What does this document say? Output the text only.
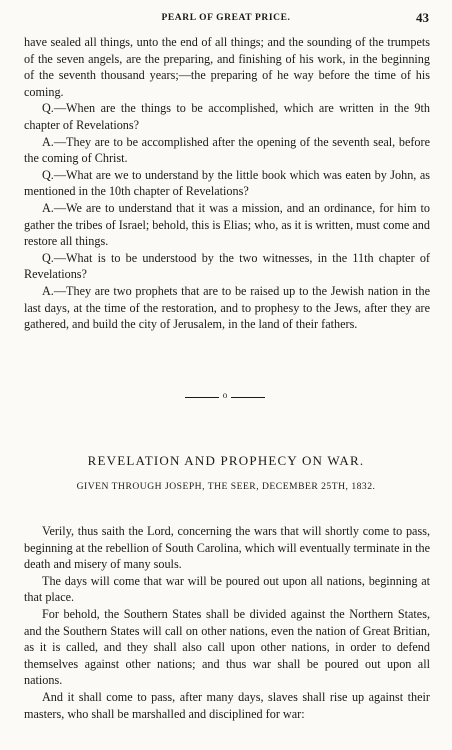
PEARL OF GREAT PRICE.	43

have sealed all things, unto the end of all things; and the sounding of the trumpets of the seven angels, are the preparing, and finishing of his work, in the beginning of the seventh thousand years;—the preparing of he way before the time of his coming.

Q.—When are the things to be accomplished, which are written in the 9th chapter of Revelations?

A.—They are to be accomplished after the opening of the seventh seal, before the coming of Christ.

Q.—What are we to understand by the little book which was eaten by John, as mentioned in the 10th chapter of Revelations?

A.—We are to understand that it was a mission, and an ordinance, for him to gather the tribes of Israel; behold, this is Elias; who, as it is written, must come and restore all things.

Q.—What is to be understood by the two witnesses, in the 11th chapter of Revelations?

A.—They are two prophets that are to be raised up to the Jewish nation in the last days, at the time of the restoration, and to prophesy to the Jews, after they are gathered, and build the city of Jerusalem, in the land of their fathers.

o
REVELATION AND PROPHECY ON WAR.
GIVEN THROUGH JOSEPH, THE SEER, DECEMBER 25TH, 1832.

Verily, thus saith the Lord, concerning the wars that will shortly come to pass, beginning at the rebellion of South Carolina, which will eventually terminate in the death and misery of many souls.

The days will come that war will be poured out upon all nations, beginning at that place.

For behold, the Southern States shall be divided against the Northern States, and the Southern States will call on other nations, even the nation of Great Britian, as it is called, and they shall also call upon other nations, in order to defend themselves against other nations; and thus war shall be poured out upon all nations.

And it shall come to pass, after many days, slaves shall rise up against their masters, who shall be marshalled and disciplined for war:
